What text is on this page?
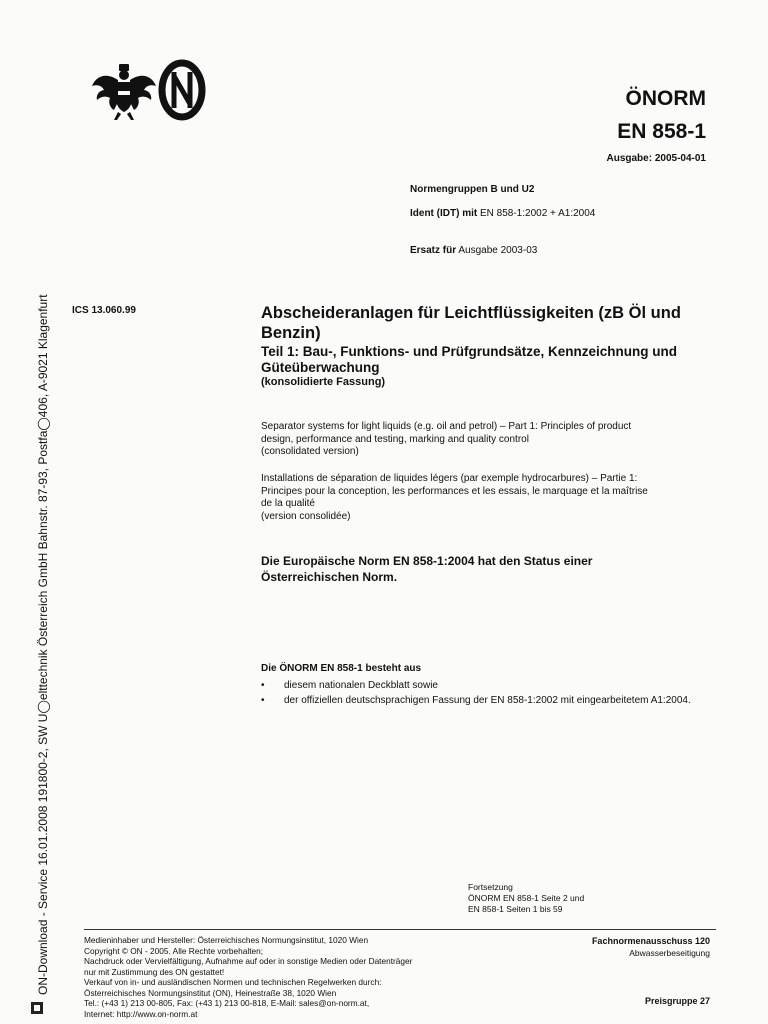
ÖNORM
EN 858-1
Ausgabe: 2005-04-01
Normengruppen B und U2
Ident (IDT) mit EN 858-1:2002 + A1:2004
Ersatz für Ausgabe 2003-03
ICS 13.060.99	Abscheideranlagen für Leichtflüssigkeiten (zB Öl und Benzin)
Teil 1: Bau-, Funktions- und Prüfgrundsätze, Kennzeichnung und Güteüberwachung
(konsolidierte Fassung)
Separator systems for light liquids (e.g. oil and petrol) – Part 1: Principles of product
design, performance and testing, marking and quality control
(consolidated version)
Installations de séparation de liquides légers (par exemple hydrocarbures) – Partie 1:
Principes pour la conception, les performances et les essais, le marquage et la maîtrise
de la qualité
(version consolidée)
Die Europäische Norm EN 858-1:2004 hat den Status einer
Österreichischen Norm.
Die ÖNORM EN 858-1 besteht aus
• diesem nationalen Deckblatt sowie
• der offiziellen deutschsprachigen Fassung der EN 858-1:2002 mit eingearbeitetem A1:2004.
Fortsetzung
ÖNORM EN 858-1 Seite 2 und
EN 858-1 Seiten 1 bis 59
Medieninhaber und Hersteller: Österreichisches Normungsinstitut, 1020 Wien
Copyright © ON - 2005. Alle Rechte vorbehalten;
Nachdruck oder Vervielfältigung, Aufnahme auf oder in sonstige Medien oder Datenträger
nur mit Zustimmung des ON gestattet!
Verkauf von in- und ausländischen Normen und technischen Regelwerken durch:
Österreichisches Normungsinstitut (ON), Heinestraße 38, 1020 Wien
Tel.: (+43 1) 213 00-805, Fax: (+43 1) 213 00-818, E-Mail: sales@on-norm.at,
Internet: http://www.on-norm.at
Fachnormenausschuss 120
Abwasserbeseitigung
Preisgruppe 27
ON-Download - Service 16.01.2008 191800-2, SW U◯elttechnik Österreich GmbH Bahnstr. 87-93, Postfa◯406, A-9021 Klagenfurt
